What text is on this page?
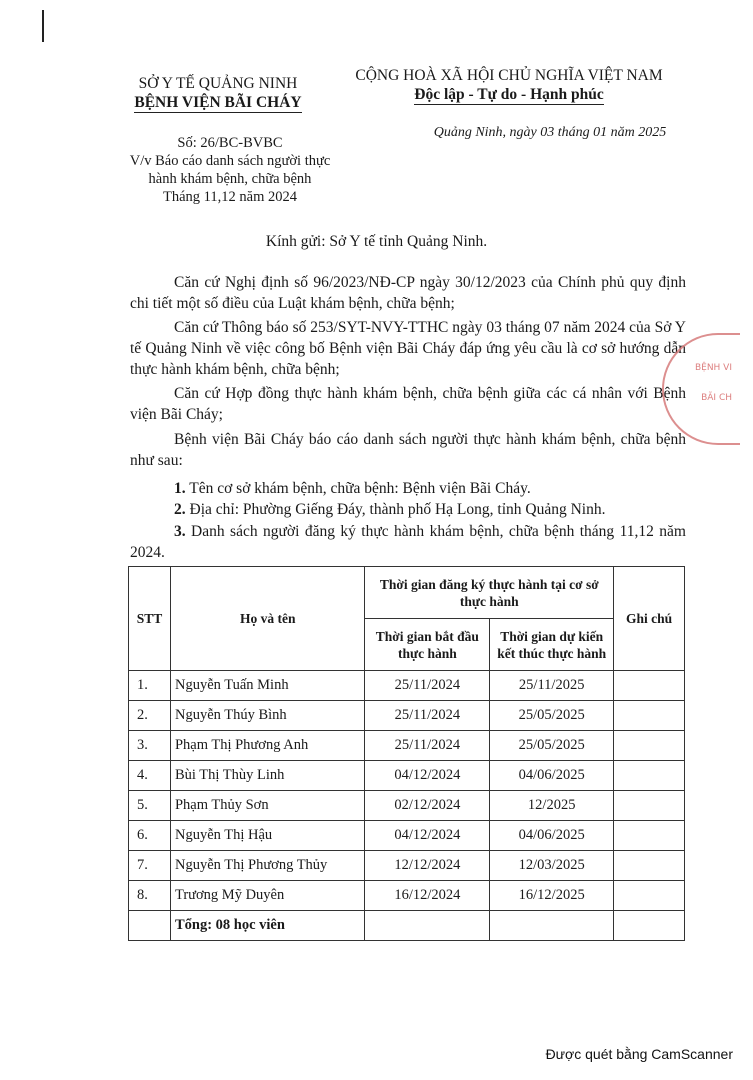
SỞ Y TẾ QUẢNG NINH
BỆNH VIỆN BÃI CHÁY
CỘNG HOÀ XÃ HỘI CHỦ NGHĨA VIỆT NAM
Độc lập - Tự do - Hạnh phúc
Số: 26/BC-BVBC
V/v Báo cáo danh sách người thực
hành khám bệnh, chữa bệnh
Tháng 11,12 năm 2024
Quảng Ninh, ngày 03 tháng 01 năm 2025
Kính gửi: Sở Y tế tỉnh Quảng Ninh.
Căn cứ Nghị định số 96/2023/NĐ-CP ngày 30/12/2023 của Chính phủ quy định chi tiết một số điều của Luật khám bệnh, chữa bệnh;
Căn cứ Thông báo số 253/SYT-NVY-TTHC ngày 03 tháng 07 năm 2024 của Sở Y tế Quảng Ninh về việc công bố Bệnh viện Bãi Cháy đáp ứng yêu cầu là cơ sở hướng dẫn thực hành khám bệnh, chữa bệnh;
Căn cứ Hợp đồng thực hành khám bệnh, chữa bệnh giữa các cá nhân với Bệnh viện Bãi Cháy;
Bệnh viện Bãi Cháy báo cáo danh sách người thực hành khám bệnh, chữa bệnh như sau:
1. Tên cơ sở khám bệnh, chữa bệnh: Bệnh viện Bãi Cháy.
2. Địa chỉ: Phường Giếng Đáy, thành phố Hạ Long, tỉnh Quảng Ninh.
3. Danh sách người đăng ký thực hành khám bệnh, chữa bệnh tháng 11,12 năm 2024.
BỆNH VI
BÃI CH
STT	Họ và tên	Thời gian đăng ký thực hành tại cơ sở thực hành		Ghi chú
		Thời gian bắt đầu thực hành	Thời gian dự kiến kết thúc thực hành	
1.	Nguyễn Tuấn Minh	25/11/2024	25/11/2025	
2.	Nguyễn Thúy Bình	25/11/2024	25/05/2025	
3.	Phạm Thị Phương Anh	25/11/2024	25/05/2025	
4.	Bùi Thị Thùy Linh	04/12/2024	04/06/2025	
5.	Phạm Thủy Sơn	02/12/2024	12/2025	
6.	Nguyễn Thị Hậu	04/12/2024	04/06/2025	
7.	Nguyễn Thị Phương Thủy	12/12/2024	12/03/2025	
8.	Trương Mỹ Duyên	16/12/2024	16/12/2025	
	Tổng: 08 học viên			
Được quét bằng CamScanner
